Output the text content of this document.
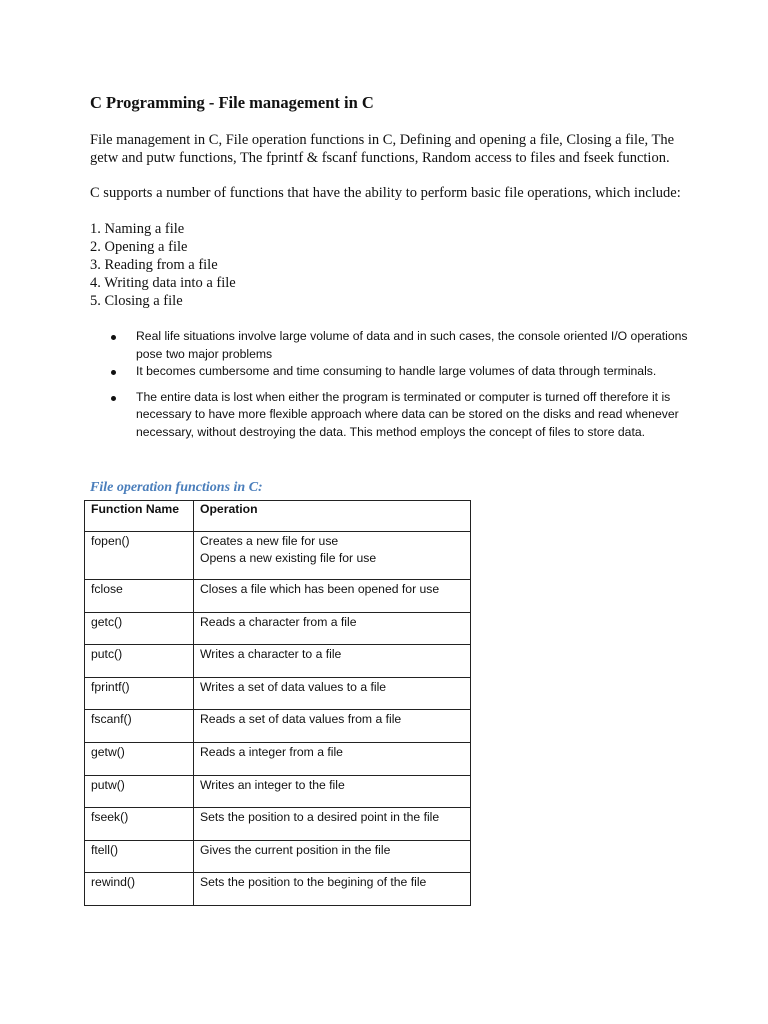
C Programming - File management in C
File management in C, File operation functions in C, Defining and opening a file, Closing a file, The getw and putw functions, The fprintf & fscanf functions, Random access to files and fseek function.
C supports a number of functions that have the ability to perform basic file operations, which include:
1. Naming a file
2. Opening a file
3. Reading from a file
4. Writing data into a file
5. Closing a file
Real life situations involve large volume of data and in such cases, the console oriented I/O operations pose two major problems
It becomes cumbersome and time consuming to handle large volumes of data through terminals.
The entire data is lost when either the program is terminated or computer is turned off therefore it is necessary to have more flexible approach where data can be stored on the disks and read whenever necessary, without destroying the data. This method employs the concept of files to store data.
File operation functions in C:
Function Name	Operation
fopen()	Creates a new file for use
Opens a new existing file for use

fclose	Closes a file which has been opened for use
getc()	Reads a character from a file
putc()	Writes a character to a file
fprintf()	Writes a set of data values to a file
fscanf()	Reads a set of data values from a file
getw()	Reads a integer from a file
putw()	Writes an integer to the file
fseek()	Sets the position to a desired point in the file
ftell()	Gives the current position in the file
rewind()	Sets the position to the begining of the file
